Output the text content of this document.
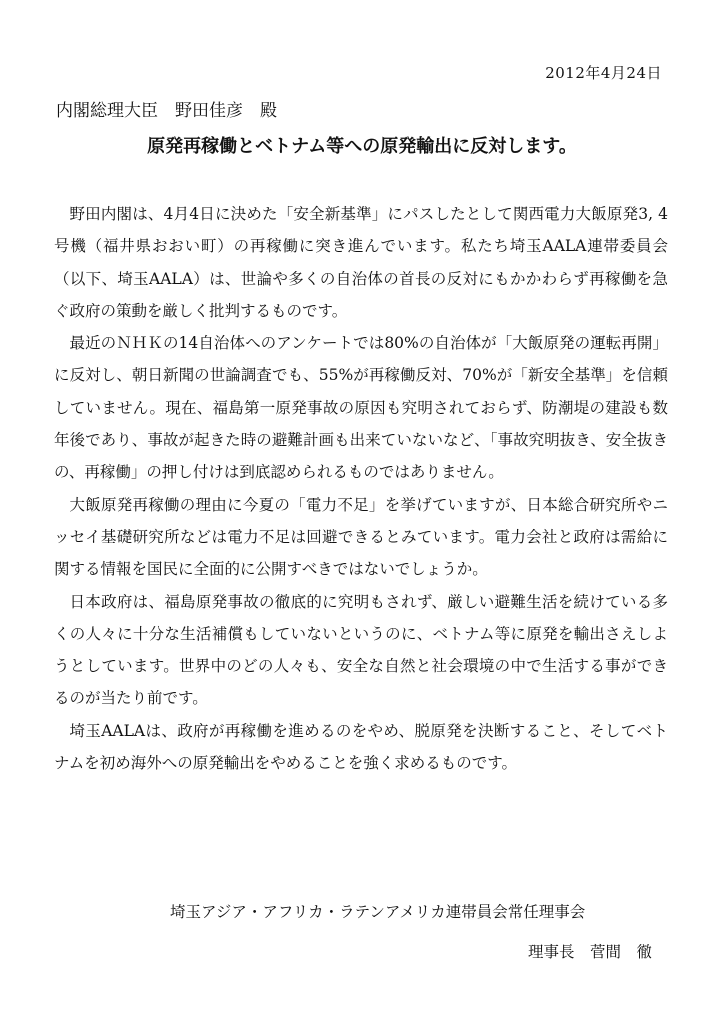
2012年4月24日
内閣総理大臣　野田佳彦　殿
原発再稼働とベトナム等への原発輸出に反対します。

野田内閣は、4月4日に決めた「安全新基準」にパスしたとして関西電力大飯原発3, 4号機（福井県おおい町）の再稼働に突き進んでいます。私たち埼玉AALA連帯委員会（以下、埼玉AALA）は、世論や多くの自治体の首長の反対にもかかわらず再稼働を急ぐ政府の策動を厳しく批判するものです。

最近のＮＨＫの14自治体へのアンケートでは80%の自治体が「大飯原発の運転再開」に反対し、朝日新聞の世論調査でも、55%が再稼働反対、70%が「新安全基準」を信頼していません。現在、福島第一原発事故の原因も究明されておらず、防潮堤の建設も数年後であり、事故が起きた時の避難計画も出来ていないなど、「事故究明抜き、安全抜きの、再稼働」の押し付けは到底認められるものではありません。

大飯原発再稼働の理由に今夏の「電力不足」を挙げていますが、日本総合研究所やニッセイ基礎研究所などは電力不足は回避できるとみています。電力会社と政府は需給に関する情報を国民に全面的に公開すべきではないでしょうか。

日本政府は、福島原発事故の徹底的に究明もされず、厳しい避難生活を続けている多くの人々に十分な生活補償もしていないというのに、ベトナム等に原発を輸出さえしようとしています。世界中のどの人々も、安全な自然と社会環境の中で生活する事ができるのが当たり前です。

埼玉AALAは、政府が再稼働を進めるのをやめ、脱原発を決断すること、そしてベトナムを初め海外への原発輸出をやめることを強く求めるものです。

埼玉アジア・アフリカ・ラテンアメリカ連帯員会常任理事会
理事長　菅間　徹
